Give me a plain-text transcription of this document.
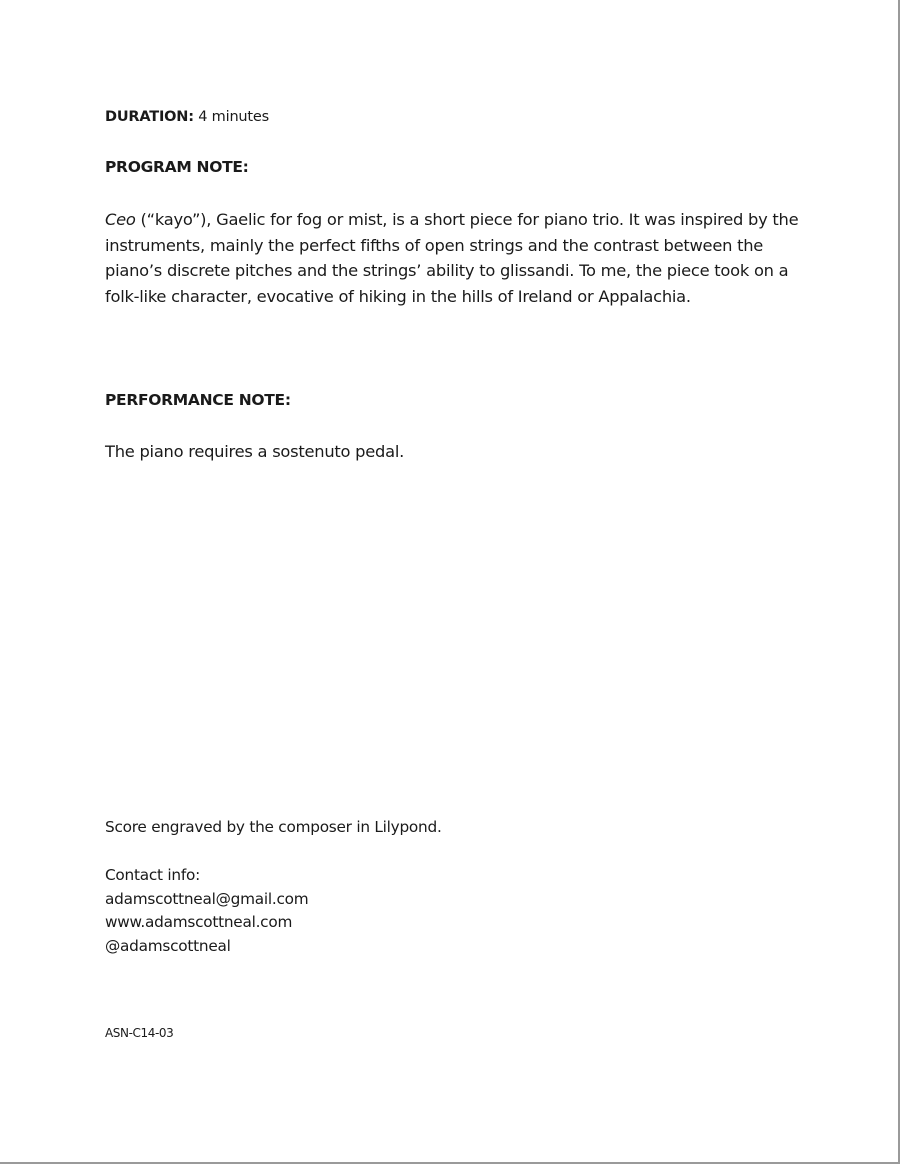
DURATION: 4 minutes
PROGRAM NOTE:
Ceo (“kayo”), Gaelic for fog or mist, is a short piece for piano trio. It was inspired by the instruments, mainly the perfect fifths of open strings and the contrast between the piano’s discrete pitches and the strings’ ability to glissandi. To me, the piece took on a folk-like character, evocative of hiking in the hills of Ireland or Appalachia.
PERFORMANCE NOTE:
The piano requires a sostenuto pedal.
Score engraved by the composer in Lilypond.
Contact info:
adamscottneal@gmail.com
www.adamscottneal.com
@adamscottneal
ASN-C14-03
